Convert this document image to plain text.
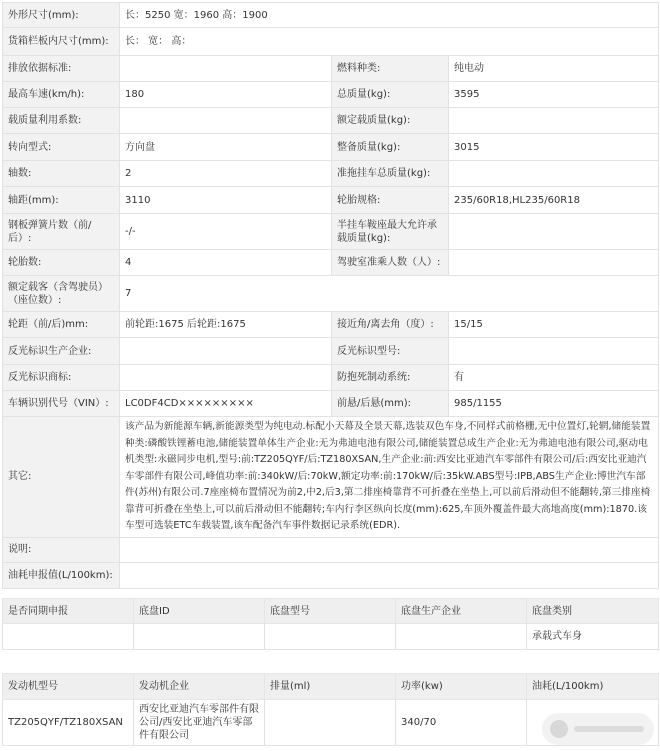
外形尺寸(mm):	长：5250 宽：1960 高：1900		
货箱栏板内尺寸(mm):	长： 宽： 高：		
排放依据标准:		燃料种类:	纯电动
最高车速(km/h):	180	总质量(kg):	3595
载质量利用系数:		额定载质量(kg):	
转向型式:	方向盘	整备质量(kg):	3015
轴数:	2	准拖挂车总质量(kg):	
轴距(mm):	3110	轮胎规格:	235/60R18,HL235/60R18
钢板弹簧片数（前/后）:	-/-	半挂车鞍座最大允许承载质量(kg):	
轮胎数:	4	驾驶室准乘人数（人）:	
额定载客（含驾驶员）（座位数）:	7		
轮距（前/后)mm:	前轮距:1675 后轮距:1675	接近角/离去角（度）:	15/15
反光标识生产企业:		反光标识型号:	
反光标识商标:		防抱死制动系统:	有
车辆识别代号（VIN）:	LC0DF4CD×××××××××	前悬/后悬(mm):	985/1155
其它:	该产品为新能源车辆,新能源类型为纯电动.标配小天幕及全景天幕,选装双色车身,不同样式前格栅,无中位置灯,轮辋,储能装置种类:磷酸铁锂蓄电池,储能装置单体生产企业:无为弗迪电池有限公司,储能装置总成生产企业:无为弗迪电池有限公司,驱动电机类型:永磁同步电机,型号:前:TZ205QYF/后:TZ180XSAN,生产企业:前:西安比亚迪汽车零部件有限公司/后:西安比亚迪汽车零部件有限公司,峰值功率:前:340kW/后:70kW,额定功率:前:170kW/后:35kW.ABS型号:IPB,ABS生产企业:博世汽车部件(苏州)有限公司.7座座椅布置情况为前2,中2,后3,第二排座椅靠背不可折叠在坐垫上,可以前后滑动但不能翻转,第三排座椅靠背可折叠在坐垫上,可以前后滑动但不能翻转;车内行李区纵向长度(mm):625,车顶外覆盖件最大高地高度(mm):1870.该车型可选装ETC车载装置,该车配备汽车事件数据记录系统(EDR).		
说明:			
油耗申报值(L/100km):			
是否同期申报	底盘ID	底盘型号	底盘生产企业	底盘类别
				承载式车身
发动机型号	发动机企业	排量(ml)	功率(kw)	油耗(L/100km)
TZ205QYF/TZ180XSAN	西安比亚迪汽车零部件有限公司/西安比亚迪汽车零部件有限公司		340/70	
